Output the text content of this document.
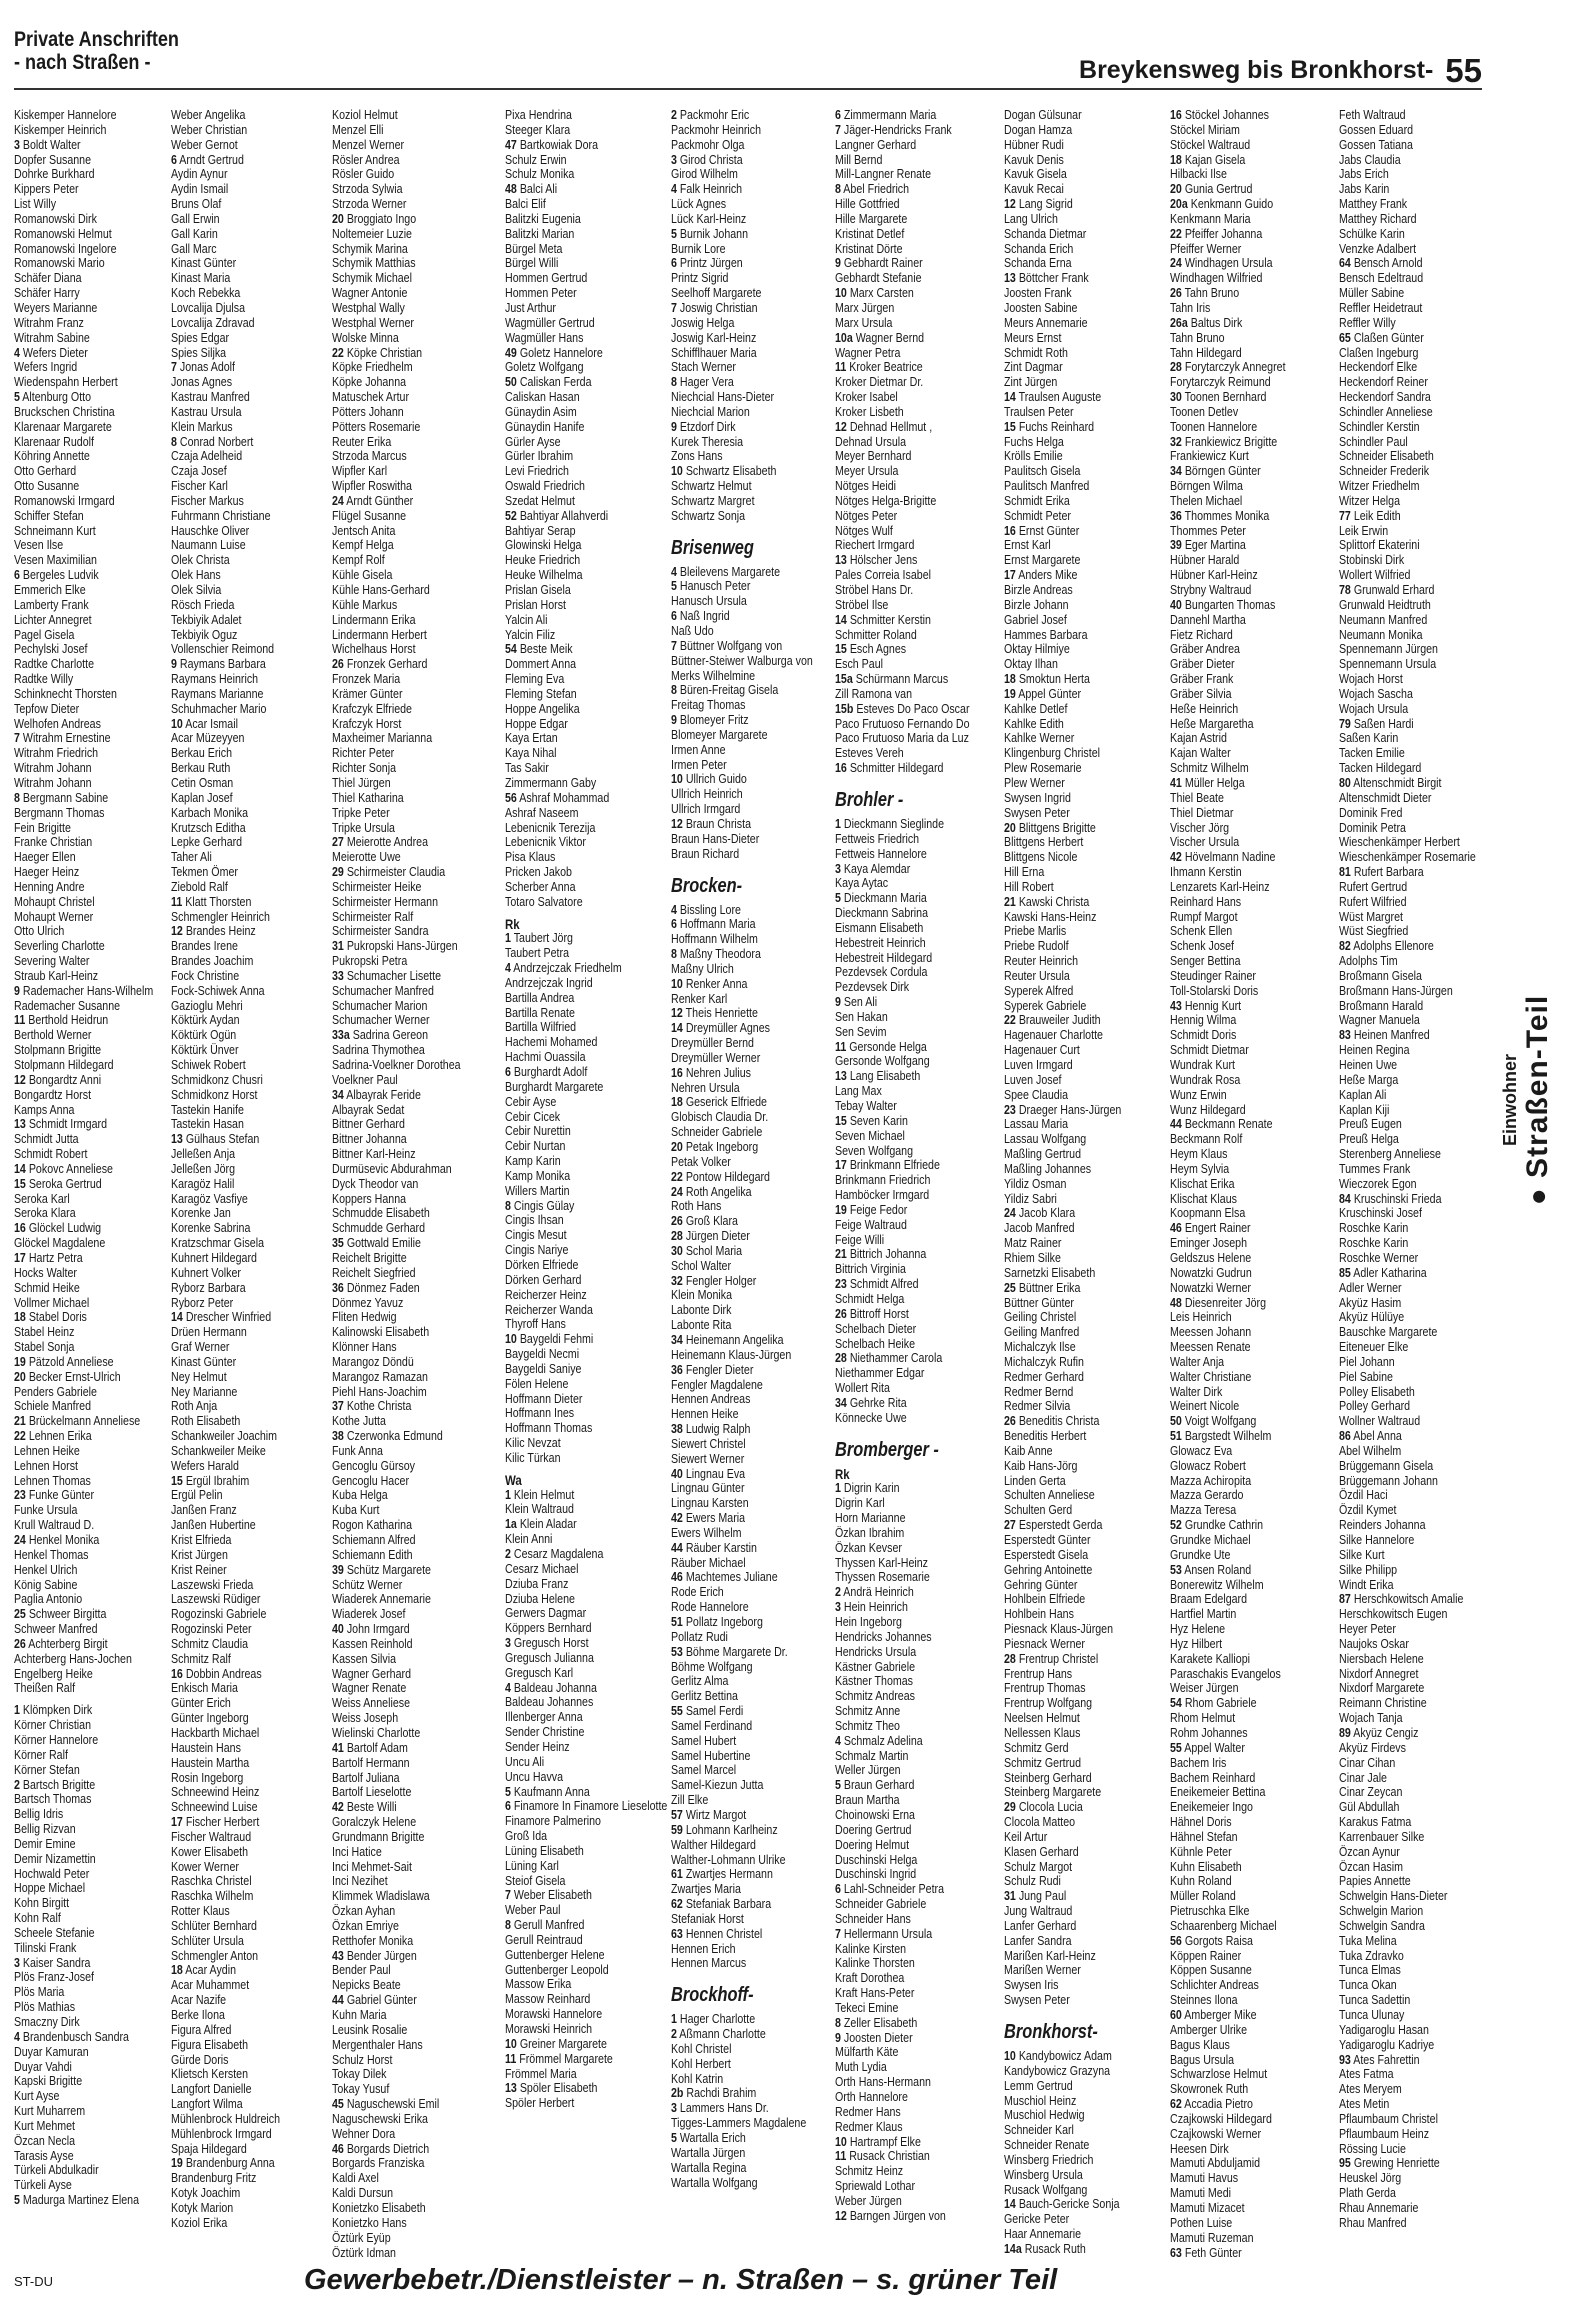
Private Anschriften
- nach Straßen -	Breykensweg bis Bronkhorst- 55
Kiskemper Hannelore
Kiskemper Heinrich
3 Boldt Walter
Dopfer Susanne
Dohrke Burkhard
Kippers Peter
List Willy
Romanowski Dirk
Romanowski Helmut
Romanowski Ingelore
Romanowski Mario
Schäfer Diana
Schäfer Harry
Weyers Marianne
Witrahm Franz
Witrahm Sabine
4 Wefers Dieter
Wefers Ingrid
Wiedenspahn Herbert
5 Altenburg Otto
Bruckschen Christina
Klarenaar Margarete
Klarenaar Rudolf
Köhring Annette
Otto Gerhard
Otto Susanne
Romanowski Irmgard
Schiffer Stefan
Schneimann Kurt
Vesen Ilse
Vesen Maximilian
6 Bergeles Ludvik
Emmerich Elke
Lamberty Frank
Lichter Annegret
Pagel Gisela
Pechylski Josef
Radtke Charlotte
Radtke Willy
Schinknecht Thorsten
Tepfow Dieter
Welhofen Andreas
7 Witrahm Ernestine
Witrahm Friedrich
Witrahm Johann
Witrahm Johann
8 Bergmann Sabine
Bergmann Thomas
Fein Brigitte
Franke Christian
Haeger Ellen
Haeger Heinz
Henning Andre
Mohaupt Christel
Mohaupt Werner
Otto Ulrich
Severling Charlotte
Severing Walter
Straub Karl-Heinz
9 Rademacher Hans-Wilhelm
Rademacher Susanne
11 Berthold Heidrun
Berthold Werner
Stolpmann Brigitte
Stolpmann Hildegard
12 Bongardtz Anni
Bongardtz Horst
Kamps Anna
13 Schmidt Irmgard
Schmidt Jutta
Schmidt Robert
14 Pokovc Anneliese
15 Seroka Gertrud
Seroka Karl
Seroka Klara
16 Glöckel Ludwig
Glöckel Magdalene
17 Hartz Petra
Hocks Walter
Schmid Heike
Vollmer Michael
18 Stabel Doris
Stabel Heinz
Stabel Sonja
19 Pätzold Anneliese
20 Becker Ernst-Ulrich
Penders Gabriele
Schiele Manfred
21 Brückelmann Anneliese
22 Lehnen Erika
Lehnen Heike
Lehnen Horst
Lehnen Thomas
23 Funke Günter
Funke Ursula
Krull Waltraud D.
24 Henkel Monika
Henkel Thomas
Henkel Ulrich
König Sabine
Paglia Antonio
25 Schweer Birgitta
Schweer Manfred
26 Achterberg Birgit
Achterberg Hans-Jochen
Engelberg Heike
Theißen Ralf
1 Klömpken Dirk
Körner Christian
Körner Hannelore
Körner Ralf
Körner Stefan
2 Bartsch Brigitte
Bartsch Thomas
Bellig Idris
Bellig Rizvan
Demir Emine
Demir Nizamettin
Hochwald Peter
Hoppe Michael
Kohn Birgitt
Kohn Ralf
Scheele Stefanie
Tilinski Frank
3 Kaiser Sandra
Plös Franz-Josef
Plös Maria
Plös Mathias
Smaczny Dirk
4 Brandenbusch Sandra
Duyar Kamuran
Duyar Vahdi
Kapski Brigitte
Kurt Ayse
Kurt Muharrem
Kurt Mehmet
Özcan Necla
Tarasis Ayse
Türkeli Abdulkadir
Türkeli Ayse
5 Madurga Martinez Elena
Weber Angelika
Weber Christian
Weber Gernot
6 Arndt Gertrud
Aydin Aynur
Aydin Ismail
Bruns Olaf
Gall Erwin
Gall Karin
Gall Marc
Kinast Günter
Kinast Maria
Koch Rebekka
Lovcalija Djulsa
Lovcalija Zdravad
Spies Edgar
Spies Siljka
7 Jonas Adolf
Jonas Agnes
Kastrau Manfred
Kastrau Ursula
Klein Markus
8 Conrad Norbert
Czaja Adelheid
Czaja Josef
Fischer Karl
Fischer Markus
Fuhrmann Christiane
Hauschke Oliver
Naumann Luise
Olek Christa
Olek Hans
Olek Silvia
Rösch Frieda
Tekbiyik Adalet
Tekbiyik Oguz
Vollenschier Reimond
9 Raymans Barbara
Raymans Heinrich
Raymans Marianne
Schuhmacher Mario
10 Acar Ismail
Acar Müzeyyen
Berkau Erich
Berkau Ruth
Cetin Osman
Kaplan Josef
Karbach Monika
Krutzsch Editha
Lepke Gerhard
Taher Ali
Tekmen Ömer
Ziebold Ralf
11 Klatt Thorsten
Schmengler Heinrich
12 Brandes Heinz
Brandes Irene
Brandes Joachim
Fock Christine
Fock-Schiwek Anna
Gazioglu Mehri
Köktürk Aydan
Köktürk Ogün
Köktürk Ünver
Schiwek Robert
Schmidkonz Chusri
Schmidkonz Horst
Tastekin Hanife
Tastekin Hasan
13 Gülhaus Stefan
Jelleßen Anja
Jelleßen Jörg
Karagöz Halil
Karagöz Vasfiye
Korenke Jan
Korenke Sabrina
Kratzschmar Gisela
Kuhnert Hildegard
Kuhnert Volker
Ryborz Barbara
Ryborz Peter
14 Drescher Winfried
Drüen Hermann
Graf Werner
Kinast Günter
Ney Helmut
Ney Marianne
Roth Anja
Roth Elisabeth
Schankweiler Joachim
Schankweiler Meike
Wefers Harald
15 Ergül Ibrahim
Ergül Pelin
Janßen Franz
Janßen Hubertine
Krist Elfrieda
Krist Jürgen
Krist Reiner
Laszewski Frieda
Laszewski Rüdiger
Rogozinski Gabriele
Rogozinski Peter
Schmitz Claudia
Schmitz Ralf
16 Dobbin Andreas
Enkisch Maria
Günter Erich
Günter Ingeborg
Hackbarth Michael
Haustein Hans
Haustein Martha
Rosin Ingeborg
Schneewind Heinz
Schneewind Luise
17 Fischer Herbert
Fischer Waltraud
Kower Elisabeth
Kower Werner
Raschka Christel
Raschka Wilhelm
Rotter Klaus
Schlüter Bernhard
Schlüter Ursula
Schmengler Anton
18 Acar Aydin
Acar Muhammet
Acar Nazife
Berke Ilona
Figura Alfred
Figura Elisabeth
Gürde Doris
Klietsch Kersten
Langfort Danielle
Langfort Wilma
Mühlenbrock Huldreich
Mühlenbrock Irmgard
Spaja Hildegard
19 Brandenburg Anna
Brandenburg Fritz
Kotyk Joachim
Kotyk Marion
Koziol Erika
Koziol Helmut
Menzel Elli
Menzel Werner
Rösler Andrea
Rösler Guido
Strzoda Sylwia
Strzoda Werner
20 Broggiato Ingo
Noltemeier Luzie
Schymik Marina
Schymik Matthias
Schymik Michael
Wagner Antonie
Westphal Wally
Westphal Werner
Wolske Minna
22 Köpke Christian
Köpke Friedhelm
Köpke Johanna
Matuschek Artur
Pötters Johann
Pötters Rosemarie
Reuter Erika
Strzoda Marcus
Wipfler Karl
Wipfler Roswitha
24 Arndt Günther
Flügel Susanne
Jentsch Anita
Kempf Helga
Kempf Rolf
Kühle Gisela
Kühle Hans-Gerhard
Kühle Markus
Lindermann Erika
Lindermann Herbert
Wichelhaus Horst
26 Fronzek Gerhard
Fronzek Maria
Krämer Günter
Krafczyk Elfriede
Krafczyk Horst
Maxheimer Marianna
Richter Peter
Richter Sonja
Thiel Jürgen
Thiel Katharina
Tripke Peter
Tripke Ursula
27 Meierotte Andrea
Meierotte Uwe
29 Schirmeister Claudia
Schirmeister Heike
Schirmeister Hermann
Schirmeister Ralf
Schirmeister Sandra
31 Pukropski Hans-Jürgen
Pukropski Petra
33 Schumacher Lisette
Schumacher Manfred
Schumacher Marion
Schumacher Werner
33a Sadrina Gereon
Sadrina Thymothea
Sadrina-Voelkner Dorothea
Voelkner Paul
34 Albayrak Feride
Albayrak Sedat
Bittner Gerhard
Bittner Johanna
Bittner Karl-Heinz
Durmüsevic Abdurahman
Dyck Theodor van
Koppers Hanna
Schmudde Elisabeth
Schmudde Gerhard
35 Gottwald Emilie
Reichelt Brigitte
Reichelt Siegfried
36 Dönmez Faden
Dönmez Yavuz
Fliten Hedwig
Kalinowski Elisabeth
Klönner Hans
Marangoz Döndü
Marangoz Ramazan
Piehl Hans-Joachim
37 Kothe Christa
Kothe Jutta
38 Czerwonka Edmund
Funk Anna
Gencoglu Gürsoy
Gencoglu Hacer
Kuba Helga
Kuba Kurt
Rogon Katharina
Schiemann Alfred
Schiemann Edith
39 Schütz Margarete
Schütz Werner
Wiaderek Annemarie
Wiaderek Josef
40 John Irmgard
Kassen Reinhold
Kassen Silvia
Wagner Gerhard
Wagner Renate
Weiss Anneliese
Weiss Joseph
Wielinski Charlotte
41 Bartolf Adam
Bartolf Hermann
Bartolf Juliana
Bartolf Lieselotte
42 Beste Willi
Goralczyk Helene
Grundmann Brigitte
Inci Hatice
Inci Mehmet-Sait
Inci Nezihet
Klimmek Wladislawa
Özkan Ayhan
Özkan Emriye
Retthofer Monika
43 Bender Jürgen
Bender Paul
Nepicks Beate
44 Gabriel Günter
Kuhn Maria
Leusink Rosalie
Mergenthaler Hans
Schulz Horst
Tokay Dilek
Tokay Yusuf
45 Naguschewski Emil
Naguschewski Erika
Wehner Dora
46 Borgards Dietrich
Borgards Franziska
Kaldi Axel
Kaldi Dursun
Konietzko Elisabeth
Konietzko Hans
Öztürk Eyüp
Öztürk Idman
Pixa Hendrina
Steeger Klara
47 Bartkowiak Dora
Schulz Erwin
Schulz Monika
48 Balci Ali
Balci Elif
Balitzki Eugenia
Balitzki Marian
Bürgel Meta
Bürgel Willi
Hommen Gertrud
Hommen Peter
Just Arthur
Wagmüller Gertrud
Wagmüller Hans
49 Goletz Hannelore
Goletz Wolfgang
50 Caliskan Ferda
Caliskan Hasan
Günaydin Asim
Günaydin Hanife
Gürler Ayse
Gürler Ibrahim
Levi Friedrich
Oswald Friedrich
Szedat Helmut
52 Bahtiyar Allahverdi
Bahtiyar Serap
Glowinski Helga
Heuke Friedrich
Heuke Wilhelma
Prislan Gisela
Prislan Horst
Yalcin Ali
Yalcin Filiz
54 Beste Meik
Dommert Anna
Fleming Eva
Fleming Stefan
Hoppe Angelika
Hoppe Edgar
Kaya Ertan
Kaya Nihal
Tas Sakir
Zimmermann Gaby
56 Ashraf Mohammad
Ashraf Naseem
Lebenicnik Terezija
Lebenicnik Viktor
Pisa Klaus
Pricken Jakob
Scherber Anna
Totaro Salvatore
Rk
1 Taubert Jörg
Taubert Petra
4 Andrzejczak Friedhelm
Andrzejczak Ingrid
Bartilla Andrea
Bartilla Renate
Bartilla Wilfried
Hachemi Mohamed
Hachmi Ouassila
6 Burghardt Adolf
Burghardt Margarete
Cebir Ayse
Cebir Cicek
Cebir Nurettin
Cebir Nurtan
Kamp Karin
Kamp Monika
Willers Martin
8 Cingis Gülay
Cingis Ihsan
Cingis Mesut
Cingis Nariye
Dörken Elfriede
Dörken Gerhard
Reicherzer Heinz
Reicherzer Wanda
Thyroff Hans
10 Baygeldi Fehmi
Baygeldi Necmi
Baygeldi Saniye
Fölen Helene
Hoffmann Dieter
Hoffmann Ines
Hoffmann Thomas
Kilic Nevzat
Kilic Türkan
Wa
1 Klein Helmut
Klein Waltraud
1a Klein Aladar
Klein Anni
2 Cesarz Magdalena
Cesarz Michael
Dziuba Franz
Dziuba Helene
Gerwers Dagmar
Köppers Bernhard
3 Gregusch Horst
Gregusch Julianna
Gregusch Karl
4 Baldeau Johanna
Baldeau Johannes
Illenberger Anna
Sender Christine
Sender Heinz
Uncu Ali
Uncu Havva
5 Kaufmann Anna
6 Finamore In Finamore Lieselotte
Finamore Palmerino
Groß Ida
Lüning Elisabeth
Lüning Karl
Steiof Gisela
7 Weber Elisabeth
Weber Paul
8 Gerull Manfred
Gerull Reintraud
Guttenberger Helene
Guttenberger Leopold
Massow Erika
Massow Reinhard
Morawski Hannelore
Morawski Heinrich
10 Greiner Margarete
11 Frömmel Margarete
Frömmel Maria
13 Spöler Elisabeth
Spöler Herbert
2 Packmohr Eric
Packmohr Heinrich
Packmohr Olga
3 Girod Christa
Girod Wilhelm
4 Falk Heinrich
Lück Agnes
Lück Karl-Heinz
5 Burnik Johann
Burnik Lore
6 Printz Jürgen
Printz Sigrid
Seelhoff Margarete
7 Joswig Christian
Joswig Helga
Joswig Karl-Heinz
Schifflhauer Maria
Stach Werner
8 Hager Vera
Niechcial Hans-Dieter
Niechcial Marion
9 Etzdorf Dirk
Kurek Theresia
Zons Hans
10 Schwartz Elisabeth
Schwartz Helmut
Schwartz Margret
Schwartz Sonja
Brisenweg
4 Bleilevens Margarete
5 Hanusch Peter
Hanusch Ursula
6 Naß Ingrid
Naß Udo
7 Büttner Wolfgang von
Büttner-Steiwer Walburga von
Merks Wilhelmine
8 Büren-Freitag Gisela
Freitag Thomas
9 Blomeyer Fritz
Blomeyer Margarete
Irmen Anne
Irmen Peter
10 Ullrich Guido
Ullrich Heinrich
Ullrich Irmgard
12 Braun Christa
Braun Hans-Dieter
Braun Richard
Brocken-
4 Bissling Lore
6 Hoffmann Maria
Hoffmann Wilhelm
8 Maßny Theodora
Maßny Ulrich
10 Renker Anna
Renker Karl
12 Theis Henriette
14 Dreymüller Agnes
Dreymüller Bernd
Dreymüller Werner
16 Nehren Julius
Nehren Ursula
18 Geserick Elfriede
Globisch Claudia Dr.
Schneider Gabriele
20 Petak Ingeborg
Petak Volker
22 Pontow Hildegard
24 Roth Angelika
Roth Hans
26 Groß Klara
28 Jürgen Dieter
30 Schol Maria
Schol Walter
32 Fengler Holger
Klein Monika
Labonte Dirk
Labonte Rita
34 Heinemann Angelika
Heinemann Klaus-Jürgen
36 Fengler Dieter
Fengler Magdalene
Hennen Andreas
Hennen Heike
38 Ludwig Ralph
Siewert Christel
Siewert Werner
40 Lingnau Eva
Lingnau Günter
Lingnau Karsten
42 Ewers Maria
Ewers Wilhelm
44 Räuber Karstin
Räuber Michael
46 Machtemes Juliane
Rode Erich
Rode Hannelore
51 Pollatz Ingeborg
Pollatz Rudi
53 Böhme Margarete Dr.
Böhme Wolfgang
Gerlitz Alma
Gerlitz Bettina
55 Samel Ferdi
Samel Ferdinand
Samel Hubert
Samel Hubertine
Samel Marcel
Samel-Kiezun Jutta
Zill Elke
57 Wirtz Margot
59 Lohmann Karlheinz
Walther Hildegard
Walther-Lohmann Ulrike
61 Zwartjes Hermann
Zwartjes Maria
62 Stefaniak Barbara
Stefaniak Horst
63 Hennen Christel
Hennen Erich
Hennen Marcus
Brockhoff-
1 Hager Charlotte
2 Aßmann Charlotte
Kohl Christel
Kohl Herbert
Kohl Katrin
2b Rachdi Brahim
3 Lammers Hans Dr.
Tigges-Lammers Magdalene
5 Wartalla Erich
Wartalla Jürgen
Wartalla Regina
Wartalla Wolfgang
6 Zimmermann Maria
7 Jäger-Hendricks Frank
Langner Gerhard
Mill Bernd
Mill-Langner Renate
8 Abel Friedrich
Hille Gottfried
Hille Margarete
Kristinat Detlef
Kristinat Dörte
9 Gebhardt Rainer
Gebhardt Stefanie
10 Marx Carsten
Marx Jürgen
Marx Ursula
10a Wagner Bernd
Wagner Petra
11 Kroker Beatrice
Kroker Dietmar Dr.
Kroker Isabel
Kroker Lisbeth
12 Dehnad Hellmut ,
Dehnad Ursula
Meyer Bernhard
Meyer Ursula
Nötges Heidi
Nötges Helga-Brigitte
Nötges Peter
Nötges Wulf
Riechert Irmgard
13 Hölscher Jens
Pales Correia Isabel
Ströbel Hans Dr.
Ströbel Ilse
14 Schmitter Kerstin
Schmitter Roland
15 Esch Agnes
Esch Paul
15a Schürmann Marcus
Zill Ramona van
15b Esteves Do Paco Oscar
Paco Frutuoso Fernando Do
Paco Frutuoso Maria da Luz
Esteves Vereh
16 Schmitter Hildegard
Brohler -
1 Dieckmann Sieglinde
Fettweis Friedrich
Fettweis Hannelore
3 Kaya Alemdar
Kaya Aytac
5 Dieckmann Maria
Dieckmann Sabrina
Eismann Elisabeth
Hebestreit Heinrich
Hebestreit Hildegard
Pezdevsek Cordula
Pezdevsek Dirk
9 Sen Ali
Sen Hakan
Sen Sevim
11 Gersonde Helga
Gersonde Wolfgang
13 Lang Elisabeth
Lang Max
Tebay Walter
15 Seven Karin
Seven Michael
Seven Wolfgang
17 Brinkmann Elfriede
Brinkmann Friedrich
Hamböcker Irmgard
19 Feige Fedor
Feige Waltraud
Feige Willi
21 Bittrich Johanna
Bittrich Virginia
23 Schmidt Alfred
Schmidt Helga
26 Bittroff Horst
Schelbach Dieter
Schelbach Heike
28 Niethammer Carola
Niethammer Edgar
Wollert Rita
34 Gehrke Rita
Könnecke Uwe
Bromberger -
Rk
1 Digrin Karin
Digrin Karl
Horn Marianne
Özkan Ibrahim
Özkan Kevser
Thyssen Karl-Heinz
Thyssen Rosemarie
2 Andrä Heinrich
3 Hein Heinrich
Hein Ingeborg
Hendricks Johannes
Hendricks Ursula
Kästner Gabriele
Kästner Thomas
Schmitz Andreas
Schmitz Anne
Schmitz Theo
4 Schmalz Adelina
Schmalz Martin
Weller Jürgen
5 Braun Gerhard
Braun Martha
Choinowski Erna
Doering Gertrud
Doering Helmut
Duschinski Helga
Duschinski Ingrid
6 Lahl-Schneider Petra
Schneider Gabriele
Schneider Hans
7 Hellermann Ursula
Kalinke Kirsten
Kalinke Thorsten
Kraft Dorothea
Kraft Hans-Peter
Tekeci Emine
8 Zeller Elisabeth
9 Joosten Dieter
Mülfarth Käte
Muth Lydia
Orth Hans-Hermann
Orth Hannelore
Redmer Hans
Redmer Klaus
10 Hartrampf Elke
11 Rusack Christian
Schmitz Heinz
Spriewald Lothar
Weber Jürgen
12 Barngen Jürgen von
Dogan Gülsunar
Dogan Hamza
Hübner Rudi
Kavuk Denis
Kavuk Gisela
Kavuk Recai
12 Lang Sigrid
Lang Ulrich
Schanda Dietmar
Schanda Erich
Schanda Erna
13 Böttcher Frank
Joosten Frank
Joosten Sabine
Meurs Annemarie
Meurs Ernst
Schmidt Roth
Zint Dagmar
Zint Jürgen
14 Traulsen Auguste
Traulsen Peter
15 Fuchs Reinhard
Fuchs Helga
Krölls Emilie
Paulitsch Gisela
Paulitsch Manfred
Schmidt Erika
Schmidt Peter
16 Ernst Günter
Ernst Karl
Ernst Margarete
17 Anders Mike
Birzle Andreas
Birzle Johann
Gabriel Josef
Hammes Barbara
Oktay Hilmiye
Oktay Ilhan
18 Smoktun Herta
19 Appel Günter
Kahlke Detlef
Kahlke Edith
Kahlke Werner
Klingenburg Christel
Plew Rosemarie
Plew Werner
Swysen Ingrid
Swysen Peter
20 Blittgens Brigitte
Blittgens Herbert
Blittgens Nicole
Hill Erna
Hill Robert
21 Kawski Christa
Kawski Hans-Heinz
Priebe Marlis
Priebe Rudolf
Reuter Heinrich
Reuter Ursula
Syperek Alfred
Syperek Gabriele
22 Brauweiler Judith
Hagenauer Charlotte
Hagenauer Curt
Luven Irmgard
Luven Josef
Spee Claudia
23 Draeger Hans-Jürgen
Lassau Maria
Lassau Wolfgang
Maßling Gertrud
Maßling Johannes
Yildiz Osman
Yildiz Sabri
24 Jacob Klara
Jacob Manfred
Matz Rainer
Rhiem Silke
Sarnetzki Elisabeth
25 Büttner Erika
Büttner Günter
Geiling Christel
Geiling Manfred
Michalczyk Ilse
Michalczyk Rufin
Redmer Gerhard
Redmer Bernd
Redmer Silvia
26 Beneditis Christa
Beneditis Herbert
Kaib Anne
Kaib Hans-Jörg
Linden Gerta
Schulten Anneliese
Schulten Gerd
27 Esperstedt Gerda
Esperstedt Günter
Esperstedt Gisela
Gehring Antoinette
Gehring Günter
Hohlbein Elfriede
Hohlbein Hans
Piesnack Klaus-Jürgen
Piesnack Werner
28 Frentrup Christel
Frentrup Hans
Frentrup Thomas
Frentrup Wolfgang
Neelsen Helmut
Nellessen Klaus
Schmitz Gerd
Schmitz Gertrud
Steinberg Gerhard
Steinberg Margarete
29 Clocola Lucia
Clocola Matteo
Keil Artur
Klasen Gerhard
Schulz Margot
Schulz Rudi
31 Jung Paul
Jung Waltraud
Lanfer Gerhard
Lanfer Sandra
Marißen Karl-Heinz
Marißen Werner
Swysen Iris
Swysen Peter
Bronkhorst-
10 Kandybowicz Adam
Kandybowicz Grazyna
Lemm Gertrud
Muschiol Heinz
Muschiol Hedwig
Schneider Karl
Schneider Renate
Winsberg Friedrich
Winsberg Ursula
Rusack Wolfgang
14 Bauch-Gericke Sonja
Gericke Peter
Haar Annemarie
14a Rusack Ruth
16 Stöckel Johannes
Stöckel Miriam
Stöckel Waltraud
18 Kajan Gisela
Hilbacki Ilse
20 Gunia Gertrud
20a Kenkmann Guido
Kenkmann Maria
22 Pfeiffer Johanna
Pfeiffer Werner
24 Windhagen Ursula
Windhagen Wilfried
26 Tahn Bruno
Tahn Iris
26a Baltus Dirk
Tahn Bruno
Tahn Hildegard
28 Forytarczyk Annegret
Forytarczyk Reimund
30 Toonen Bernhard
Toonen Detlev
Toonen Hannelore
32 Frankiewicz Brigitte
Frankiewicz Kurt
34 Börngen Günter
Börngen Wilma
Thelen Michael
36 Thommes Monika
Thommes Peter
39 Eger Martina
Hübner Harald
Hübner Karl-Heinz
Strybny Waltraud
40 Bungarten Thomas
Dannehl Martha
Fietz Richard
Gräber Andrea
Gräber Dieter
Gräber Frank
Gräber Silvia
Heße Heinrich
Heße Margaretha
Kajan Astrid
Kajan Walter
Schmitz Wilhelm
41 Müller Helga
Thiel Beate
Thiel Dietmar
Vischer Jörg
Vischer Ursula
42 Hövelmann Nadine
Ihmann Kerstin
Lenzarets Karl-Heinz
Reinhard Hans
Rumpf Margot
Schenk Ellen
Schenk Josef
Senger Bettina
Steudinger Rainer
Toll-Stolarski Doris
43 Hennig Kurt
Hennig Wilma
Schmidt Doris
Schmidt Dietmar
Wundrak Kurt
Wundrak Rosa
Wunz Erwin
Wunz Hildegard
44 Beckmann Renate
Beckmann Rolf
Heym Klaus
Heym Sylvia
Klischat Erika
Klischat Klaus
Koopmann Elsa
46 Engert Rainer
Eminger Joseph
Geldszus Helene
Nowatzki Gudrun
Nowatzki Werner
48 Diesenreiter Jörg
Leis Heinrich
Meessen Johann
Meessen Renate
Walter Anja
Walter Christiane
Walter Dirk
Weinert Nicole
50 Voigt Wolfgang
51 Bargstedt Wilhelm
Glowacz Eva
Glowacz Robert
Mazza Achiropita
Mazza Gerardo
Mazza Teresa
52 Grundke Cathrin
Grundke Michael
Grundke Ute
53 Ansen Roland
Bonerewitz Wilhelm
Braam Edelgard
Hartfiel Martin
Hyz Helene
Hyz Hilbert
Karakete Kalliopi
Paraschakis Evangelos
Weiser Jürgen
54 Rhom Gabriele
Rhom Helmut
Rohm Johannes
55 Appel Walter
Bachem Iris
Bachem Reinhard
Eneikemeier Bettina
Eneikemeier Ingo
Hähnel Doris
Hähnel Stefan
Kühnle Peter
Kuhn Elisabeth
Kuhn Roland
Müller Roland
Pietruschka Elke
Schaarenberg Michael
56 Gorgots Raisa
Köppen Rainer
Köppen Susanne
Schlichter Andreas
Steinnes Ilona
60 Amberger Mike
Amberger Ulrike
Bagus Klaus
Bagus Ursula
Schwarzlose Helmut
Skowronek Ruth
62 Accadia Pietro
Czajkowski Hildegard
Czajkowski Werner
Heesen Dirk
Mamuti Abduljamid
Mamuti Havus
Mamuti Medi
Mamuti Mizacet
Pothen Luise
Mamuti Ruzeman
63 Feth Günter
Feth Waltraud
Gossen Eduard
Gossen Tatiana
Jabs Claudia
Jabs Erich
Jabs Karin
Matthey Frank
Matthey Richard
Schülke Karin
Venzke Adalbert
64 Bensch Arnold
Bensch Edeltraud
Müller Sabine
Reffler Heidetraut
Reffler Willy
65 Claßen Günter
Claßen Ingeburg
Heckendorf Elke
Heckendorf Reiner
Heckendorf Sandra
Schindler Anneliese
Schindler Kerstin
Schindler Paul
Schneider Elisabeth
Schneider Frederik
Witzer Friedhelm
Witzer Helga
77 Leik Edith
Leik Erwin
Splittorf Ekaterini
Stobinski Dirk
Wollert Wilfried
78 Grunwald Erhard
Grunwald Heidtruth
Neumann Manfred
Neumann Monika
Spennemann Jürgen
Spennemann Ursula
Wojach Horst
Wojach Sascha
Wojach Ursula
79 Saßen Hardi
Saßen Karin
Tacken Emilie
Tacken Hildegard
80 Altenschmidt Birgit
Altenschmidt Dieter
Dominik Fred
Dominik Petra
Wieschenkämper Herbert
Wieschenkämper Rosemarie
81 Rufert Barbara
Rufert Gertrud
Rufert Wilfried
Wüst Margret
Wüst Siegfried
82 Adolphs Ellenore
Adolphs Tim
Broßmann Gisela
Broßmann Hans-Jürgen
Broßmann Harald
Wagner Manuela
83 Heinen Manfred
Heinen Regina
Heinen Uwe
Heße Marga
Kaplan Ali
Kaplan Kiji
Preuß Eugen
Preuß Helga
Sterenberg Anneliese
Tummes Frank
Wieczorek Egon
84 Kruschinski Frieda
Kruschinski Josef
Roschke Karin
Roschke Karin
Roschke Werner
85 Adler Katharina
Adler Werner
Akyüz Hasim
Akyüz Hülüye
Bauschke Margarete
Eiteneuer Elke
Piel Johann
Piel Sabine
Polley Elisabeth
Polley Gerhard
Wollner Waltraud
86 Abel Anna
Abel Wilhelm
Brüggemann Gisela
Brüggemann Johann
Özdil Haci
Özdil Kymet
Reinders Johanna
Silke Hannelore
Silke Kurt
Silke Philipp
Windt Erika
87 Herschkowitsch Amalie
Herschkowitsch Eugen
Heyer Peter
Naujoks Oskar
Niersbach Helene
Nixdorf Annegret
Nixdorf Margarete
Reimann Christine
Wojach Tanja
89 Akyüz Cengiz
Akyüz Firdevs
Cinar Cihan
Cinar Jale
Cinar Zeycan
Gül Abdullah
Karakus Fatma
Karrenbauer Silke
Özcan Aynur
Özcan Hasim
Papies Annette
Schwelgin Hans-Dieter
Schwelgin Marion
Schwelgin Sandra
Tuka Melina
Tuka Zdravko
Tunca Elmas
Tunca Okan
Tunca Sadettin
Tunca Ulunay
Yadigaroglu Hasan
Yadigaroglu Kadriye
93 Ates Fahrettin
Ates Fatma
Ates Meryem
Ates Metin
Pflaumbaum Christel
Pflaumbaum Heinz
Rössing Lucie
95 Grewing Henriette
Heuskel Jörg
Plath Gerda
Rhau Annemarie
Rhau Manfred
Einwohner
● Straßen-Teil
ST-DU	Gewerbebetr./Dienstleister – n. Straßen – s. grüner Teil
